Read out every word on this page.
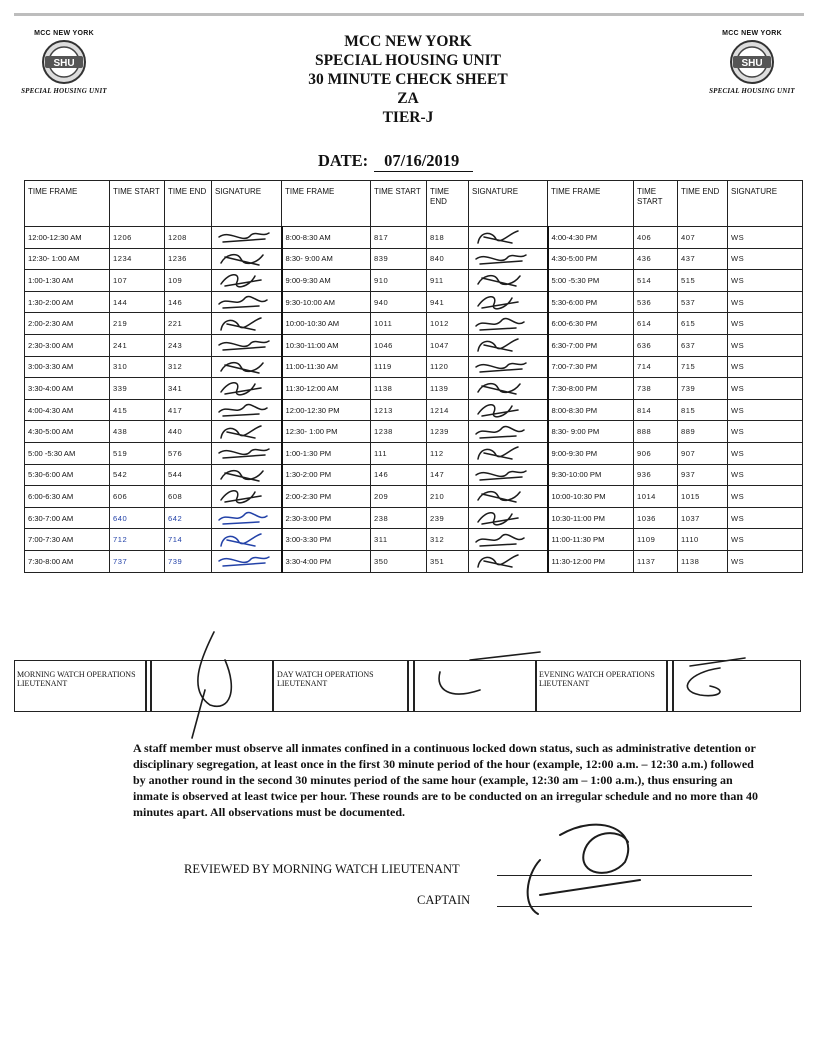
MCC NEW YORK
SHU
SPECIAL HOUSING UNIT
MCC NEW YORK
SHU
SPECIAL HOUSING UNIT
MCC NEW YORK
SPECIAL HOUSING UNIT
30 MINUTE CHECK SHEET
ZA
TIER-J
DATE: 07/16/2019
TIME FRAME	TIME START	TIME END	SIGNATURE	TIME FRAME	TIME START	TIME END	SIGNATURE	TIME FRAME	TIME START	TIME END	SIGNATURE
12:00-12:30 AM	1206	1208		8:00-8:30 AM	817	818		4:00-4:30 PM	406	407	WS
12:30- 1:00 AM	1234	1236		8:30- 9:00 AM	839	840		4:30-5:00 PM	436	437	WS
1:00-1:30 AM	107	109		9:00-9:30 AM	910	911		5:00 -5:30 PM	514	515	WS
1:30-2:00 AM	144	146		9:30-10:00 AM	940	941		5:30-6:00 PM	536	537	WS
2:00-2:30 AM	219	221		10:00-10:30 AM	1011	1012		6:00-6:30 PM	614	615	WS
2:30-3:00 AM	241	243		10:30-11:00 AM	1046	1047		6:30-7:00 PM	636	637	WS
3:00-3:30 AM	310	312		11:00-11:30 AM	1119	1120		7:00-7:30 PM	714	715	WS
3:30-4:00 AM	339	341		11:30-12:00 AM	1138	1139		7:30-8:00 PM	738	739	WS
4:00-4:30 AM	415	417		12:00-12:30 PM	1213	1214		8:00-8:30 PM	814	815	WS
4:30-5:00 AM	438	440		12:30- 1:00 PM	1238	1239		8:30- 9:00 PM	888	889	WS
5:00 -5:30 AM	519	576		1:00-1:30 PM	111	112		9:00-9:30 PM	906	907	WS
5:30-6:00 AM	542	544		1:30-2:00 PM	146	147		9:30-10:00 PM	936	937	WS
6:00-6:30 AM	606	608		2:00-2:30 PM	209	210		10:00-10:30 PM	1014	1015	WS
6:30-7:00 AM	640	642		2:30-3:00 PM	238	239		10:30-11:00 PM	1036	1037	WS
7:00-7:30 AM	712	714		3:00-3:30 PM	311	312		11:00-11:30 PM	1109	1110	WS
7:30-8:00 AM	737	739		3:30-4:00 PM	350	351		11:30-12:00 PM	1137	1138	WS
MORNING WATCH OPERATIONS LIEUTENANT
DAY WATCH OPERATIONS LIEUTENANT
EVENING WATCH OPERATIONS LIEUTENANT
A staff member must observe all inmates confined in a continuous locked down status, such as administrative detention or disciplinary segregation, at least once in the first 30 minute period of the hour (example, 12:00 a.m. – 12:30 a.m.) followed by another round in the second 30 minutes period of the same hour (example, 12:30 am – 1:00 a.m.), thus ensuring an inmate is observed at least twice per hour. These rounds are to be conducted on an irregular schedule and no more than 40 minutes apart. All observations must be documented.
REVIEWED BY MORNING WATCH LIEUTENANT
CAPTAIN
